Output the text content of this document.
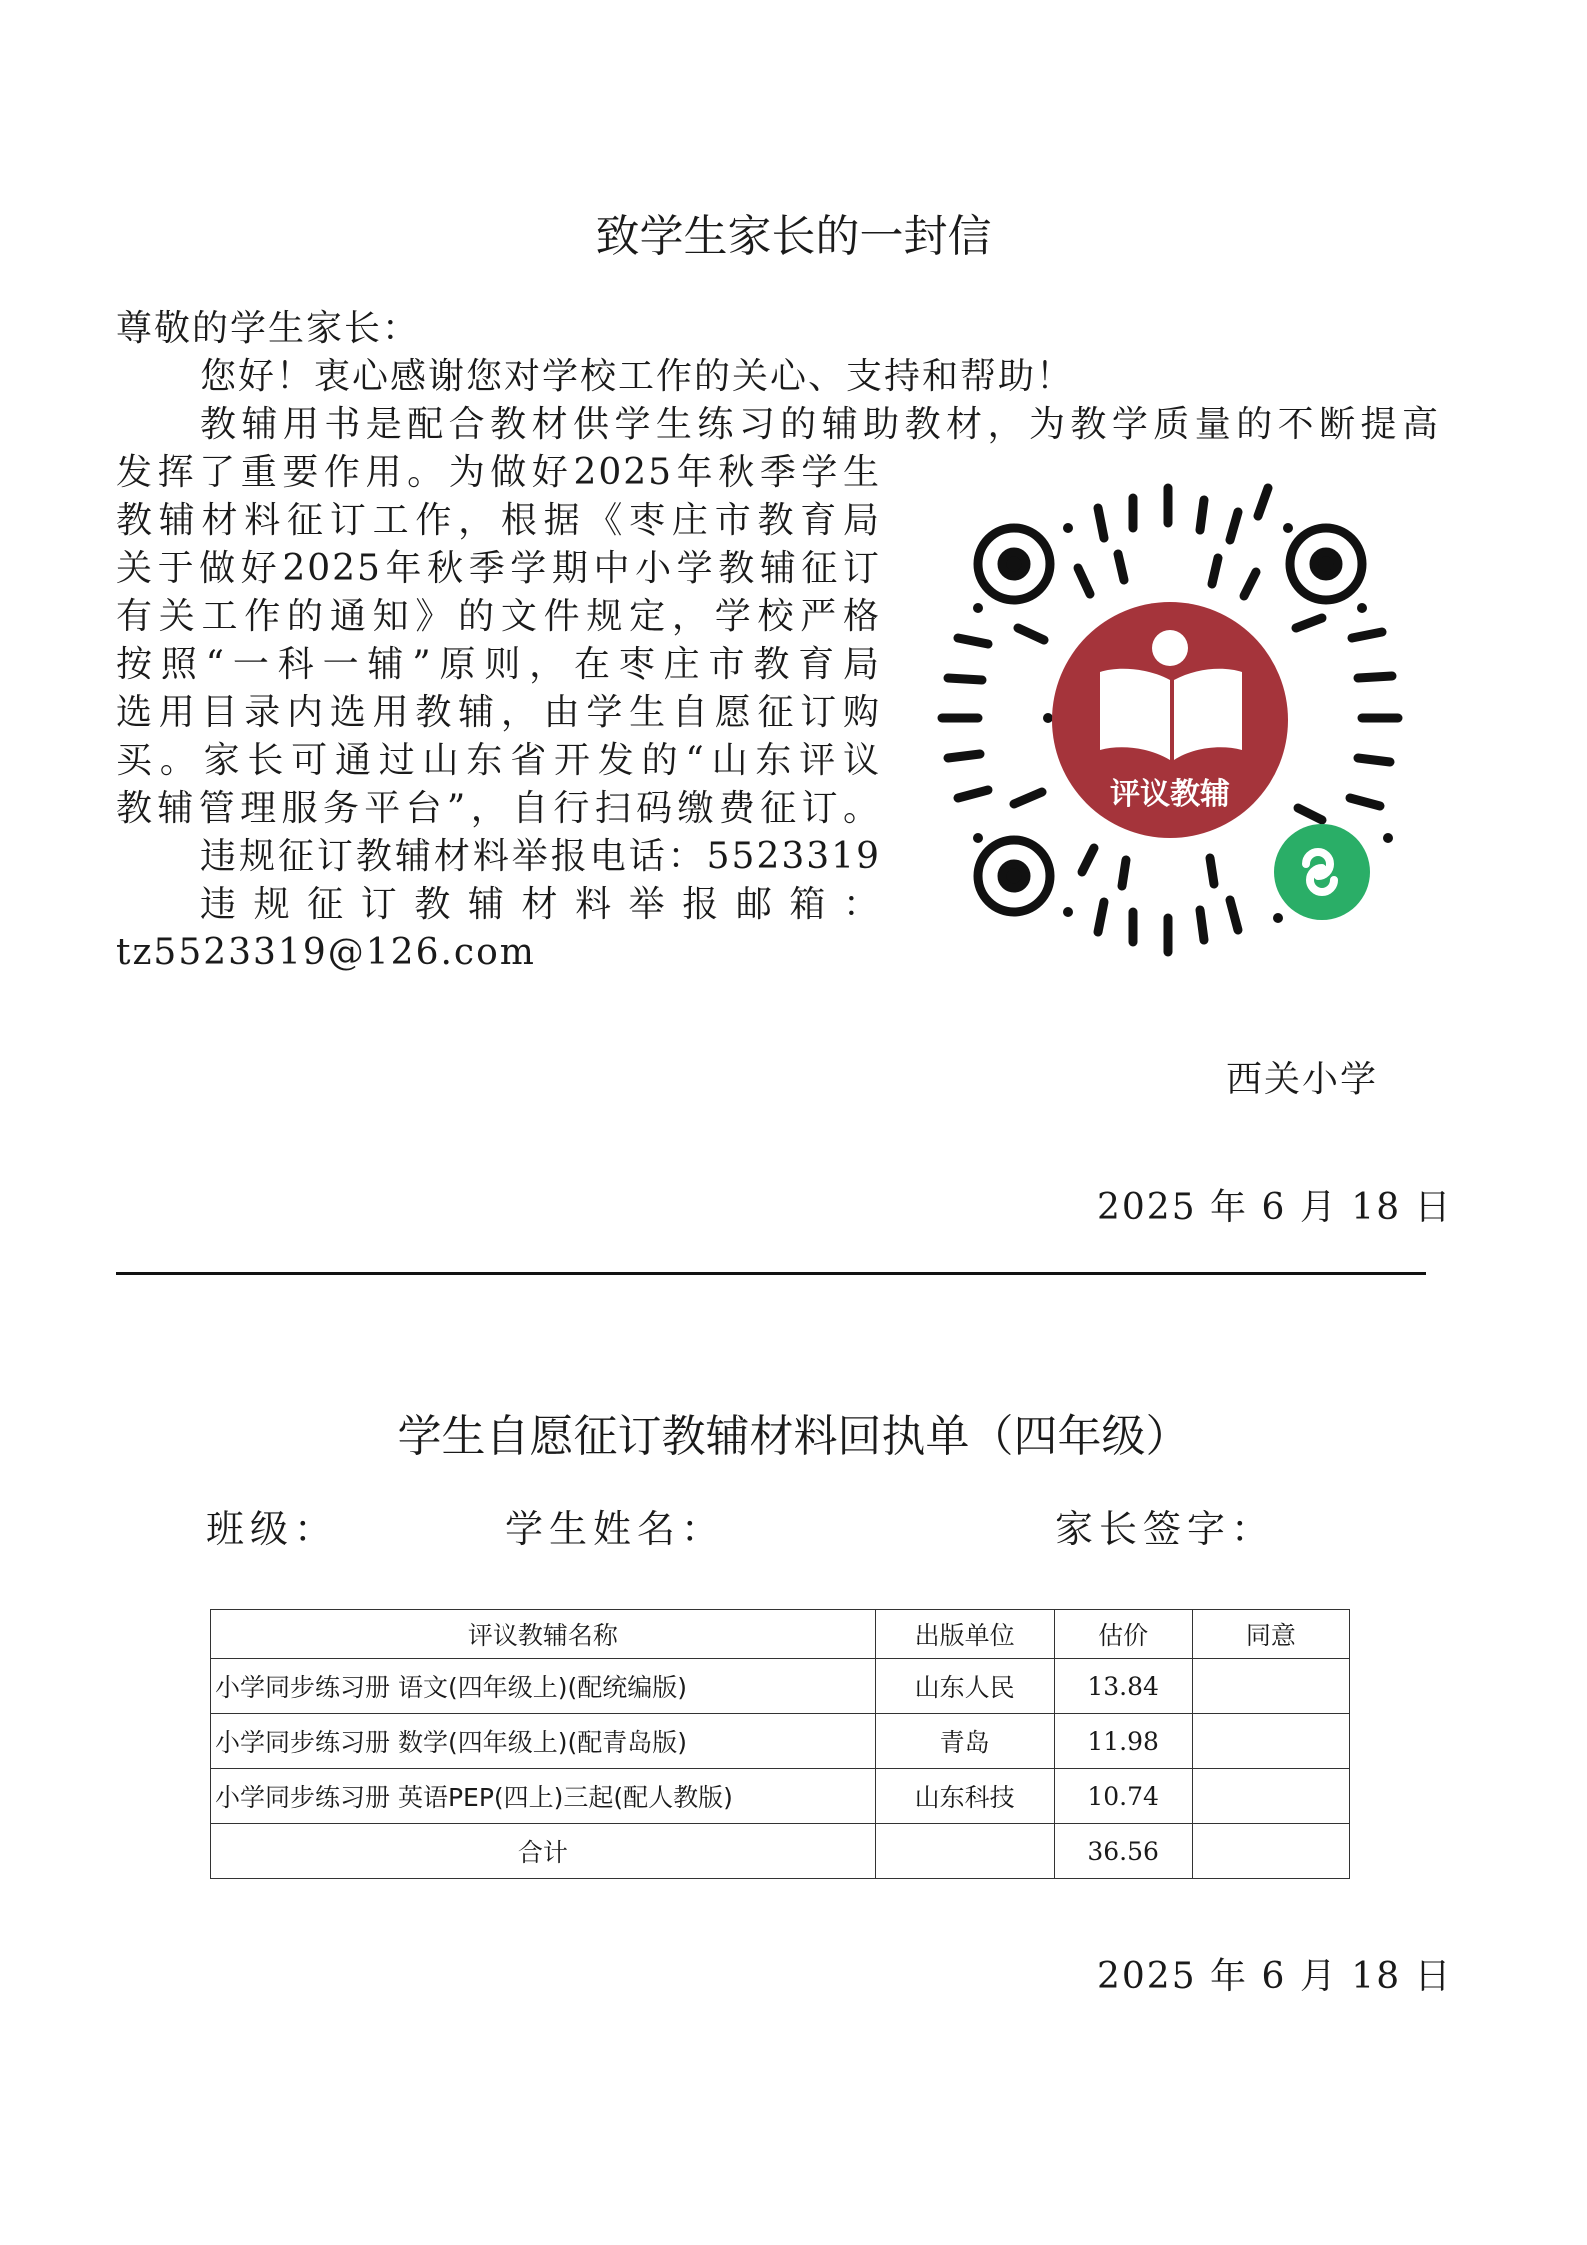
致学生家长的一封信
尊敬的学生家长：
您好！衷心感谢您对学校工作的关心、支持和帮助！
教辅用书是配合教材供学生练习的辅助教材，为教学质量的不断提高
发挥了重要作用。为做好2025年秋季学生
教辅材料征订工作，根据《枣庄市教育局
关于做好2025年秋季学期中小学教辅征订
有关工作的通知》的文件规定，学校严格
按照“一科一辅”原则，在枣庄市教育局
选用目录内选用教辅，由学生自愿征订购
买。家长可通过山东省开发的“山东评议
教辅管理服务平台”，自行扫码缴费征订。
违规征订教辅材料举报电话：5523319
违规征订教辅材料举报邮箱：
tz5523319@126.com
评议教辅
西关小学
2025 年 6 月 18 日
学生自愿征订教辅材料回执单（四年级）
班级：	学生姓名：	家长签字：
评议教辅名称	出版单位	估价	同意
小学同步练习册 语文(四年级上)(配统编版)	山东人民	13.84	
小学同步练习册 数学(四年级上)(配青岛版)	青岛	11.98	
小学同步练习册 英语PEP(四上)三起(配人教版)	山东科技	10.74	
合计		36.56	
2025 年 6 月 18 日
